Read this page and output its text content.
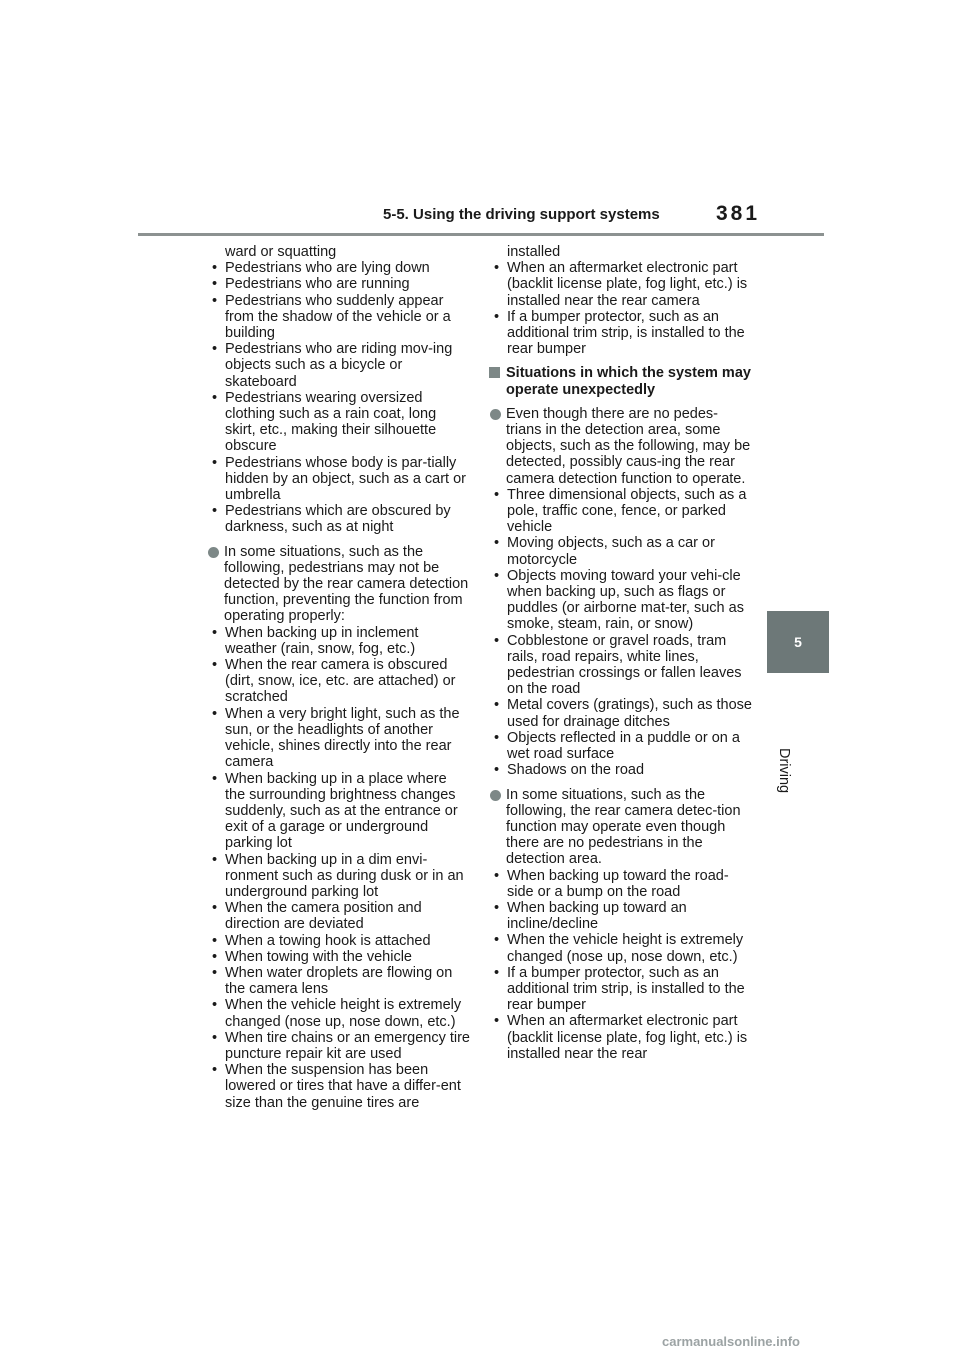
5-5. Using the driving support systems	381
5
Driving
ward or squatting
• Pedestrians who are lying down
• Pedestrians who are running
• Pedestrians who suddenly appear from the shadow of the vehicle or a building
• Pedestrians who are riding mov-ing objects such as a bicycle or skateboard
• Pedestrians wearing oversized clothing such as a rain coat, long skirt, etc., making their silhouette obscure
• Pedestrians whose body is par-tially hidden by an object, such as a cart or umbrella
• Pedestrians which are obscured by darkness, such as at night
In some situations, such as the following, pedestrians may not be detected by the rear camera detection function, preventing the function from operating properly:
• When backing up in inclement weather (rain, snow, fog, etc.)
• When the rear camera is obscured (dirt, snow, ice, etc. are attached) or scratched
• When a very bright light, such as the sun, or the headlights of another vehicle, shines directly into the rear camera
• When backing up in a place where the surrounding brightness changes suddenly, such as at the entrance or exit of a garage or underground parking lot
• When backing up in a dim envi-ronment such as during dusk or in an underground parking lot
• When the camera position and direction are deviated
• When a towing hook is attached
• When towing with the vehicle
• When water droplets are flowing on the camera lens
• When the vehicle height is extremely changed (nose up, nose down, etc.)
• When tire chains or an emergency tire puncture repair kit are used
• When the suspension has been lowered or tires that have a differ-ent size than the genuine tires are
installed
• When an aftermarket electronic part (backlit license plate, fog light, etc.) is installed near the rear camera
• If a bumper protector, such as an additional trim strip, is installed to the rear bumper
Situations in which the system may operate unexpectedly
Even though there are no pedes-trians in the detection area, some objects, such as the following, may be detected, possibly caus-ing the rear camera detection function to operate.
• Three dimensional objects, such as a pole, traffic cone, fence, or parked vehicle
• Moving objects, such as a car or motorcycle
• Objects moving toward your vehi-cle when backing up, such as flags or puddles (or airborne mat-ter, such as smoke, steam, rain, or snow)
• Cobblestone or gravel roads, tram rails, road repairs, white lines, pedestrian crossings or fallen leaves on the road
• Metal covers (gratings), such as those used for drainage ditches
• Objects reflected in a puddle or on a wet road surface
• Shadows on the road
In some situations, such as the following, the rear camera detec-tion function may operate even though there are no pedestrians in the detection area.
• When backing up toward the road-side or a bump on the road
• When backing up toward an incline/decline
• When the vehicle height is extremely changed (nose up, nose down, etc.)
• If a bumper protector, such as an additional trim strip, is installed to the rear bumper
• When an aftermarket electronic part (backlit license plate, fog light, etc.) is installed near the rear
carmanualsonline.info
